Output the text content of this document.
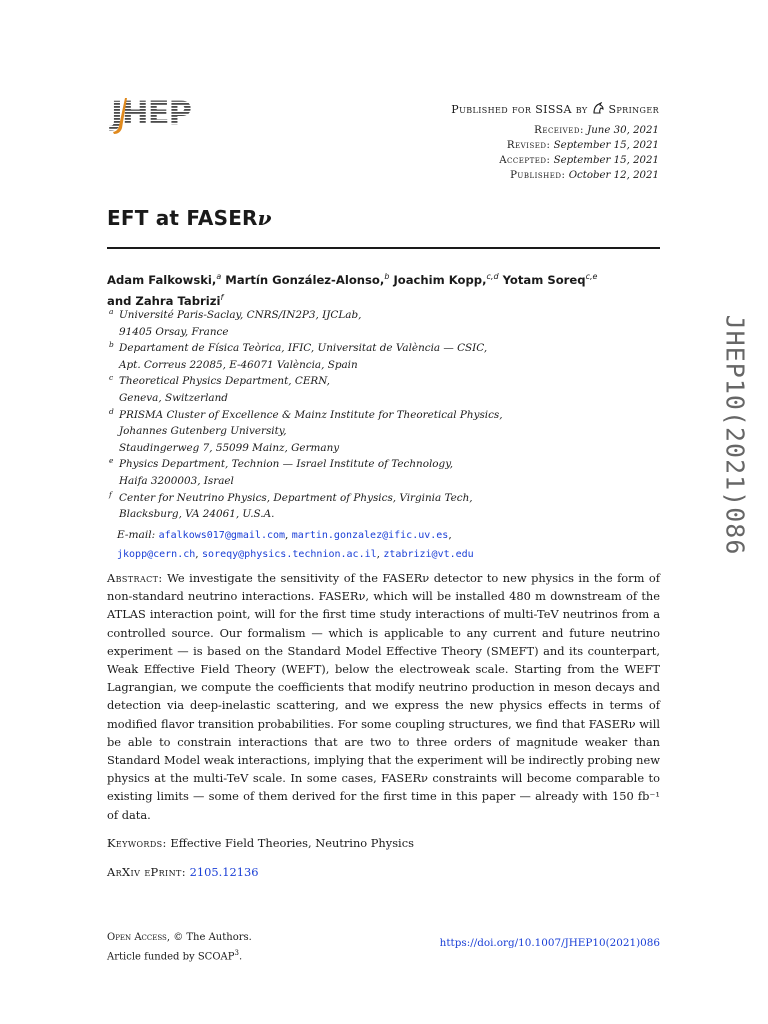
JHEP	Published for SISSA by Springer
Received: June 30, 2021
Revised: September 15, 2021
Accepted: September 15, 2021
Published: October 12, 2021
EFT at FASERν
Adam Falkowski,$^a$ Martín González-Alonso,$^b$ Joachim Kopp,$^{c,d}$ Yotam Soreq$^{c,e}$
and Zahra Tabrizi$^f$
a Université Paris-Saclay, CNRS/IN2P3, IJCLab,
91405 Orsay, France
b Departament de Física Teòrica, IFIC, Universitat de València — CSIC,
Apt. Correus 22085, E-46071 València, Spain
c Theoretical Physics Department, CERN,
Geneva, Switzerland
d PRISMA Cluster of Excellence & Mainz Institute for Theoretical Physics,
Johannes Gutenberg University,
Staudingerweg 7, 55099 Mainz, Germany
e Physics Department, Technion — Israel Institute of Technology,
Haifa 3200003, Israel
f Center for Neutrino Physics, Department of Physics, Virginia Tech,
Blacksburg, VA 24061, U.S.A.
E-mail: afalkows017@gmail.com, martin.gonzalez@ific.uv.es,
jkopp@cern.ch, soreqy@physics.technion.ac.il, ztabrizi@vt.edu	JHEP10(2021)086
Abstract: We investigate the sensitivity of the FASERν detector to new physics in the form of non-standard neutrino interactions. FASERν, which will be installed 480 m downstream of the ATLAS interaction point, will for the first time study interactions of multi-TeV neutrinos from a controlled source. Our formalism — which is applicable to any current and future neutrino experiment — is based on the Standard Model Effective Theory (SMEFT) and its counterpart, Weak Effective Field Theory (WEFT), below the electroweak scale. Starting from the WEFT Lagrangian, we compute the coefficients that modify neutrino production in meson decays and detection via deep-inelastic scattering, and we express the new physics effects in terms of modified flavor transition probabilities. For some coupling structures, we find that FASERν will be able to constrain interactions that are two to three orders of magnitude weaker than Standard Model weak interactions, implying that the experiment will be indirectly probing new physics at the multi-TeV scale. In some cases, FASERν constraints will become comparable to existing limits — some of them derived for the first time in this paper — already with 150 fb⁻¹ of data.
Keywords: Effective Field Theories, Neutrino Physics
ArXiv ePrint: 2105.12136
Open Access, © The Authors.
Article funded by SCOAP$^3$.
https://doi.org/10.1007/JHEP10(2021)086
